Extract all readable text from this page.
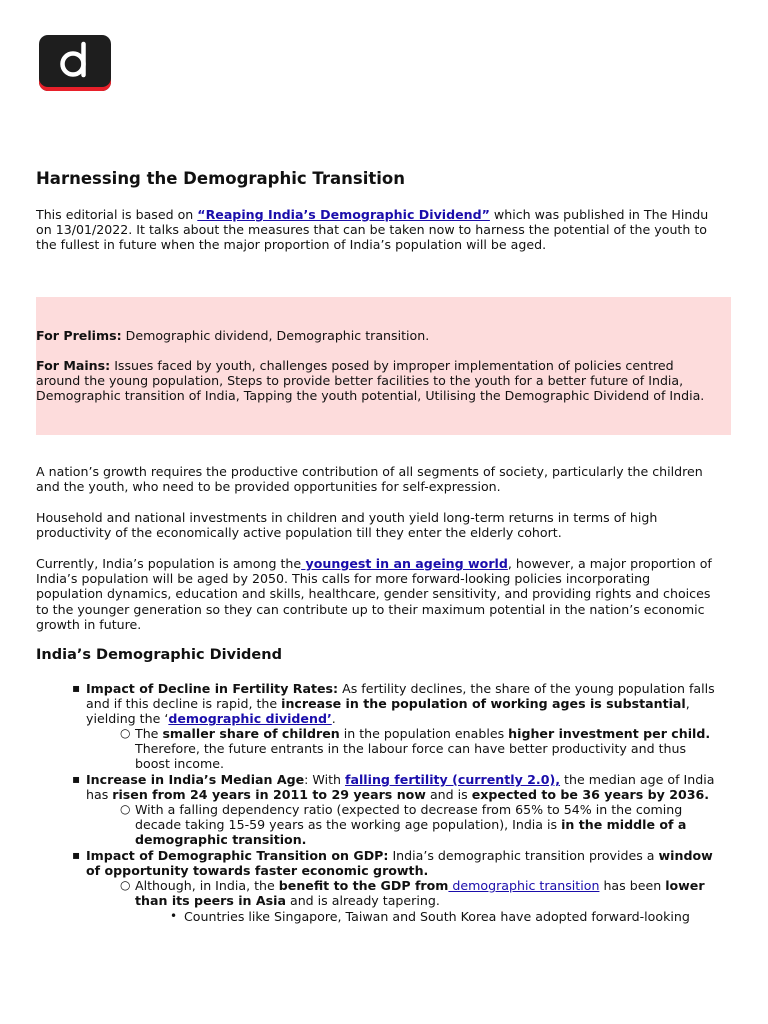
Harnessing the Demographic Transition
This editorial is based on “Reaping India’s Demographic Dividend” which was published in The Hindu
on 13/01/2022. It talks about the measures that can be taken now to harness the potential of the youth to
the fullest in future when the major proportion of India’s population will be aged.
For Prelims: Demographic dividend, Demographic transition.
For Mains: Issues faced by youth, challenges posed by improper implementation of policies centred
around the young population, Steps to provide better facilities to the youth for a better future of India,
Demographic transition of India, Tapping the youth potential, Utilising the Demographic Dividend of India.
A nation’s growth requires the productive contribution of all segments of society, particularly the children
and the youth, who need to be provided opportunities for self-expression.
Household and national investments in children and youth yield long-term returns in terms of high
productivity of the economically active population till they enter the elderly cohort.
Currently, India’s population is among the youngest in an ageing world, however, a major proportion of
India’s population will be aged by 2050. This calls for more forward-looking policies incorporating
population dynamics, education and skills, healthcare, gender sensitivity, and providing rights and choices
to the younger generation so they can contribute up to their maximum potential in the nation’s economic
growth in future.
India’s Demographic Dividend
▪ Impact of Decline in Fertility Rates: As fertility declines, the share of the young population falls
and if this decline is rapid, the increase in the population of working ages is substantial,
yielding the ‘demographic dividend’.
○ The smaller share of children in the population enables higher investment per child.
Therefore, the future entrants in the labour force can have better productivity and thus
boost income.
▪ Increase in India’s Median Age: With falling fertility (currently 2.0), the median age of India
has risen from 24 years in 2011 to 29 years now and is expected to be 36 years by 2036.
○ With a falling dependency ratio (expected to decrease from 65% to 54% in the coming
decade taking 15-59 years as the working age population), India is in the middle of a
demographic transition.
▪ Impact of Demographic Transition on GDP: India’s demographic transition provides a window
of opportunity towards faster economic growth.
○ Although, in India, the benefit to the GDP from demographic transition has been lower
than its peers in Asia and is already tapering.
• Countries like Singapore, Taiwan and South Korea have adopted forward-looking
